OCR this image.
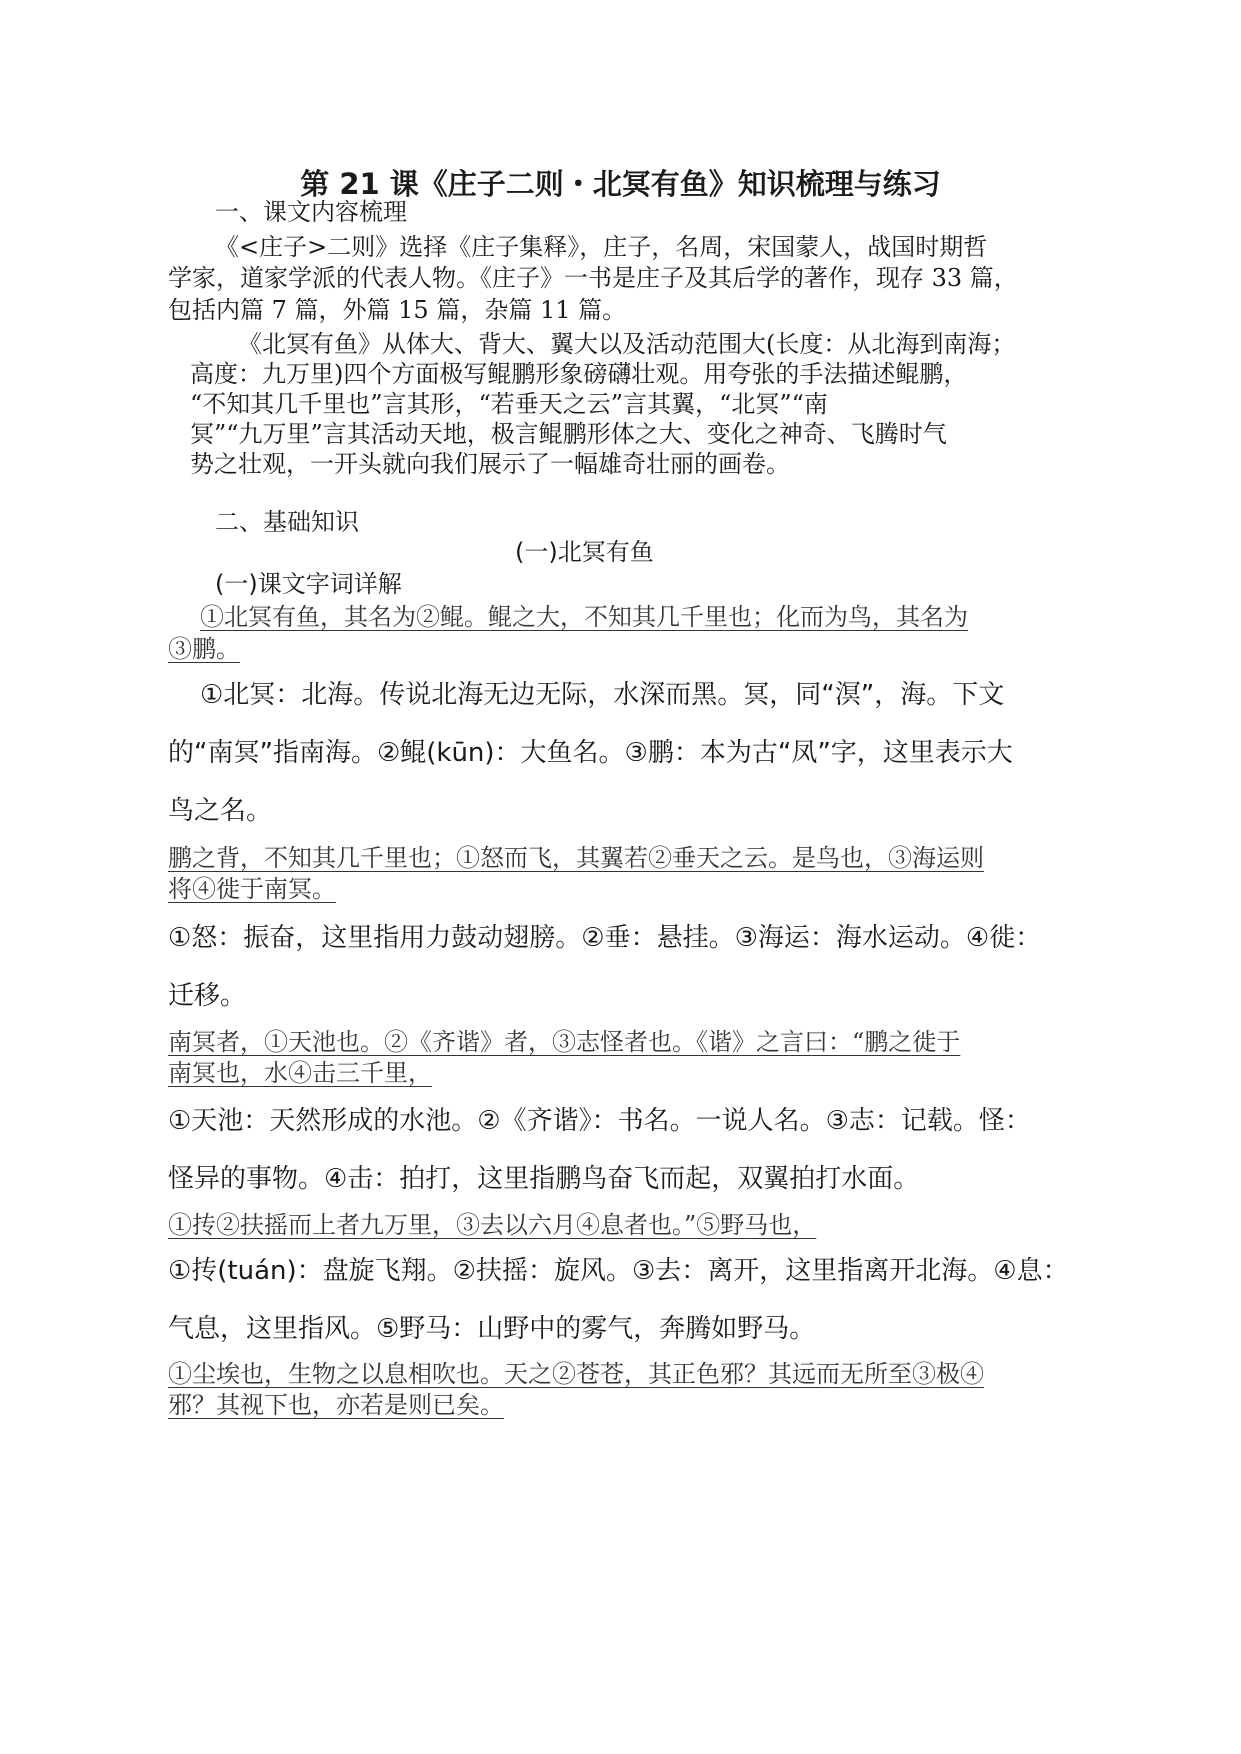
第 21 课《庄子二则・北冥有鱼》知识梳理与练习
一、课文内容梳理
《<庄子>二则》选择《庄子集释》，庄子，名周，宋国蒙人，战国时期哲
学家，道家学派的代表人物。《庄子》一书是庄子及其后学的著作，现存 33 篇，
包括内篇 7 篇，外篇 15 篇，杂篇 11 篇。
《北冥有鱼》从体大、背大、翼大以及活动范围大(长度：从北海到南海；
高度：九万里)四个方面极写鲲鹏形象磅礴壮观。用夸张的手法描述鲲鹏，
“不知其几千里也”言其形，“若垂天之云”言其翼，“北冥”“南
冥”“九万里”言其活动天地，极言鲲鹏形体之大、变化之神奇、飞腾时气
势之壮观，一开头就向我们展示了一幅雄奇壮丽的画卷。
二、基础知识
(一)北冥有鱼
(一)课文字词详解
①北冥有鱼，其名为②鲲。鲲之大，不知其几千里也；化而为鸟，其名为
③鹏。
①北冥：北海。传说北海无边无际，水深而黑。冥，同“溟”，海。下文
的“南冥”指南海。②鲲(kūn)：大鱼名。③鹏：本为古“凤”字，这里表示大
鸟之名。
鹏之背，不知其几千里也；①怒而飞，其翼若②垂天之云。是鸟也，③海运则
将④徙于南冥。
①怒：振奋，这里指用力鼓动翅膀。②垂：悬挂。③海运：海水运动。④徙：
迁移。
南冥者，①天池也。②《齐谐》者，③志怪者也。《谐》之言曰：“鹏之徙于
南冥也，水④击三千里，
①天池：天然形成的水池。②《齐谐》：书名。一说人名。③志：记载。怪：
怪异的事物。④击：拍打，这里指鹏鸟奋飞而起，双翼拍打水面。
①抟②扶摇而上者九万里，③去以六月④息者也。”⑤野马也，
①抟(tuán)：盘旋飞翔。②扶摇：旋风。③去：离开，这里指离开北海。④息：
气息，这里指风。⑤野马：山野中的雾气，奔腾如野马。
①尘埃也，生物之以息相吹也。天之②苍苍，其正色邪？其远而无所至③极④
邪？其视下也，亦若是则已矣。
